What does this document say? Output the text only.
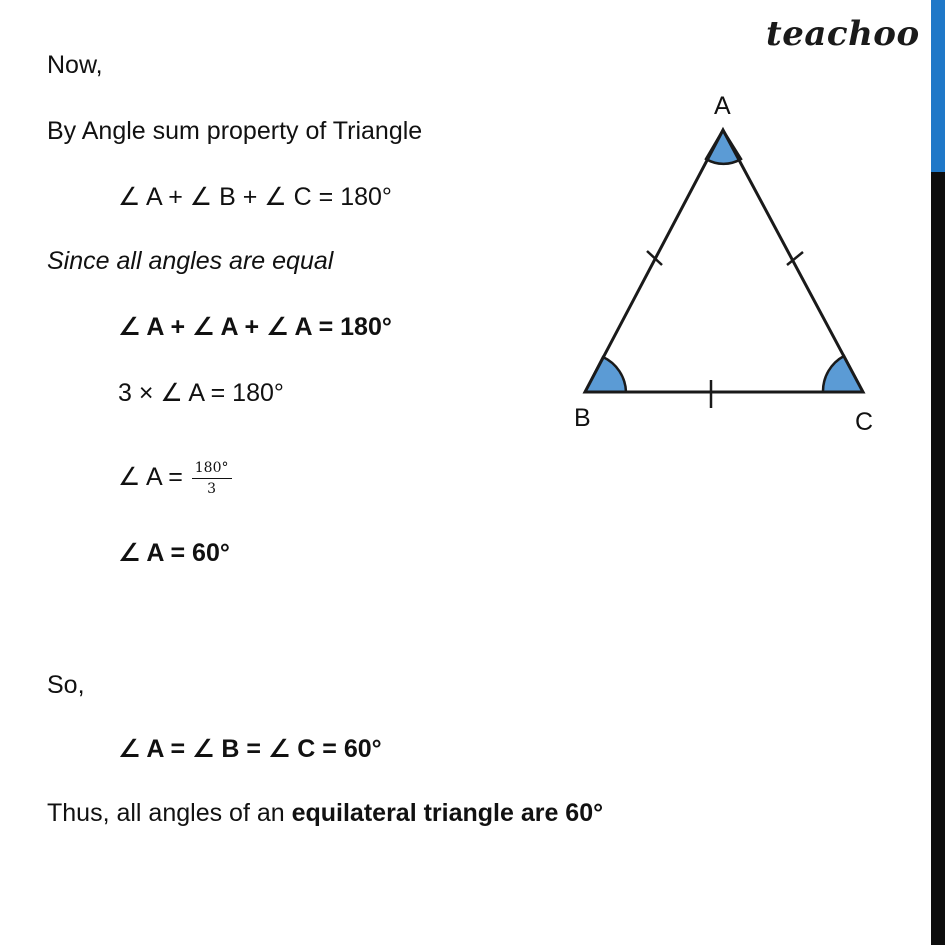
teachoo
Now,
By Angle sum property of Triangle
∠ A + ∠ B + ∠ C = 180°
Since all angles are equal
∠ A + ∠ A + ∠ A = 180°
3 × ∠ A = 180°
∠ $A = \frac{180^\circ}{3}$
∠ A = 60°
So,
∠ A = ∠ B = ∠ C = 60°
Thus, all angles of an equilateral triangle are 60°
A
B	C
